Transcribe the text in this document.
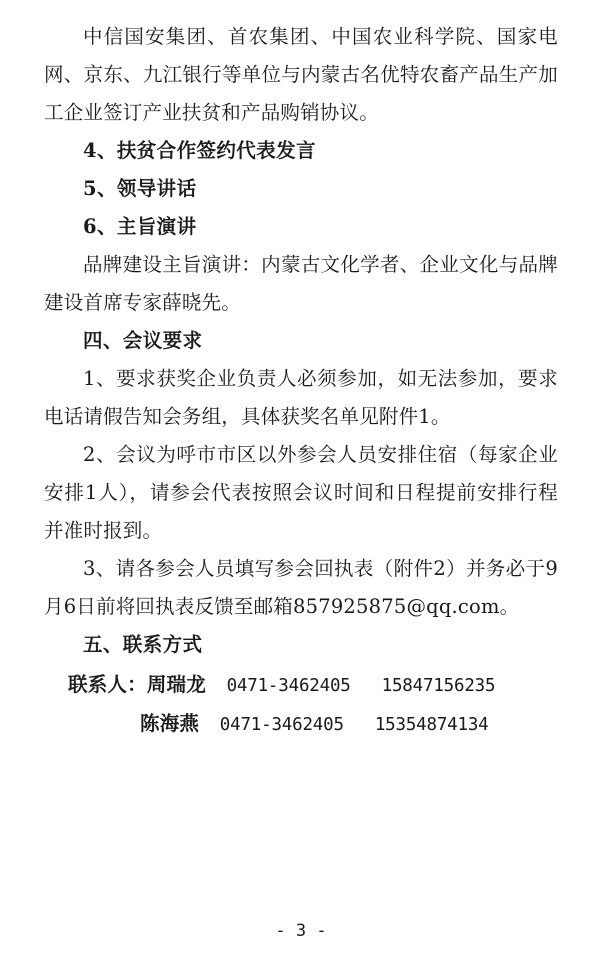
中信国安集团、首农集团、中国农业科学院、国家电网、京东、九江银行等单位与内蒙古名优特农畜产品生产加工企业签订产业扶贫和产品购销协议。

4、扶贫合作签约代表发言

5、领导讲话

6、主旨演讲

品牌建设主旨演讲：内蒙古文化学者、企业文化与品牌建设首席专家薛晓先。

四、会议要求

1、要求获奖企业负责人必须参加，如无法参加，要求电话请假告知会务组，具体获奖名单见附件1。

2、会议为呼市市区以外参会人员安排住宿（每家企业安排1人），请参会代表按照会议时间和日程提前安排行程并准时报到。

3、请各参会人员填写参会回执表（附件2）并务必于9月6日前将回执表反馈至邮箱857925875@qq.com。

五、联系方式

联系人：周瑞龙 0471-3462405 15847156235

陈海燕 0471-3462405 15354874134

- 3 -
